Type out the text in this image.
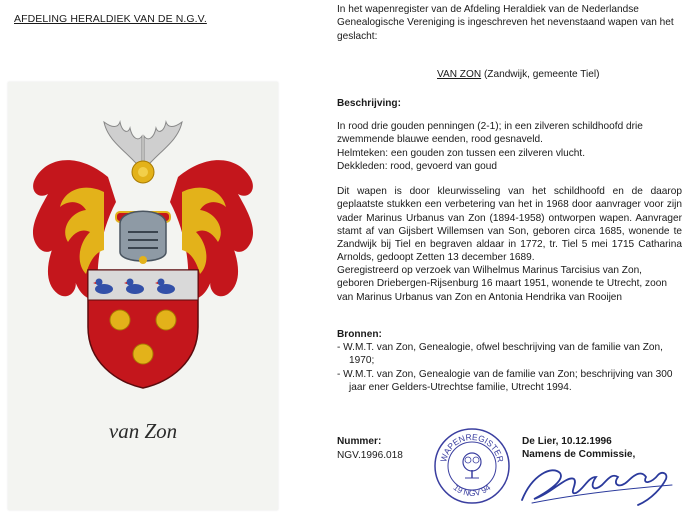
AFDELING HERALDIEK VAN DE N.G.V.
van Zon

In het wapenregister van de Afdeling Heraldiek van de Nederlandse Genealogische Vereniging is ingeschreven het nevenstaand wapen van het geslacht:

VAN ZON (Zandwijk, gemeente Tiel)
Beschrijving:

In rood drie gouden penningen (2-1); in een zilveren schildhoofd drie zwemmende blauwe eenden, rood gesnaveld.

Helmteken: een gouden zon tussen een zilveren vlucht.

Dekkleden: rood, gevoerd van goud

Dit wapen is door kleurwisseling van het schildhoofd en de daarop geplaatste stukken een verbetering van het in 1968 door aanvrager voor zijn vader Marinus Urbanus van Zon (1894-1958) ontworpen wapen. Aanvrager stamt af van Gijsbert Willemsen van Son, geboren circa 1685, wonende te Zandwijk bij Tiel en begraven aldaar in 1772, tr. Tiel 5 mei 1715 Catharina Arnolds, gedoopt Zetten 13 december 1689.

Geregistreerd op verzoek van Wilhelmus Marinus Tarcisius van Zon, geboren Driebergen-Rijsenburg 16 maart 1951, wonende te Utrecht, zoon van Marinus Urbanus van Zon en Antonia Hendrika van Rooijen

Bronnen:
- W.M.T. van Zon, Genealogie, ofwel beschrijving van de familie van Zon, 1970;
- W.M.T. van Zon, Genealogie van de familie van Zon; beschrijving van 300 jaar ener Gelders-Utrechtse familie, Utrecht 1994.
Nummer:
NGV.1996.018	WAPENREGISTER
19 NGV 94
De Lier, 10.12.1996
Namens de Commissie,
